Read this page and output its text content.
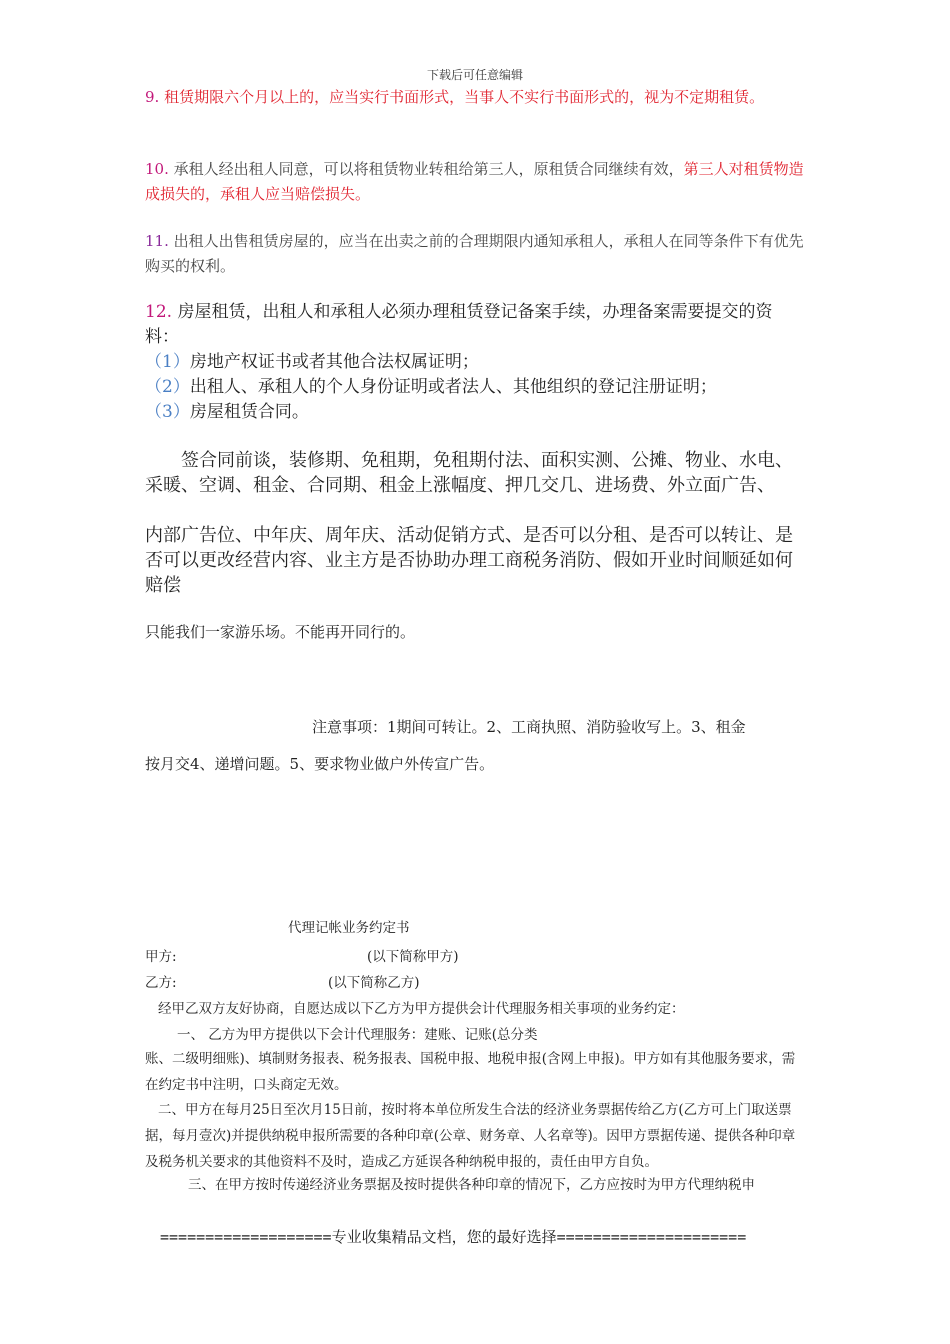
下载后可任意编辑
9. 租赁期限六个月以上的，应当实行书面形式，当事人不实行书面形式的，视为不定期租赁。
10. 承租人经出租人同意，可以将租赁物业转租给第三人，原租赁合同继续有效，第三人对租赁物造成损失的，承租人应当赔偿损失。
11. 出租人出售租赁房屋的，应当在出卖之前的合理期限内通知承租人，承租人在同等条件下有优先购买的权利。
12. 房屋租赁，出租人和承租人必须办理租赁登记备案手续，办理备案需要提交的资料：
（1）房地产权证书或者其他合法权属证明；
（2）出租人、承租人的个人身份证明或者法人、其他组织的登记注册证明；
（3）房屋租赁合同。
签合同前谈，装修期、免租期，免租期付法、面积实测、公摊、物业、水电、采暖、空调、租金、合同期、租金上涨幅度、押几交几、进场费、外立面广告、
内部广告位、中年庆、周年庆、活动促销方式、是否可以分租、是否可以转让、是否可以更改经营内容、业主方是否协助办理工商税务消防、假如开业时间顺延如何赔偿
只能我们一家游乐场。不能再开同行的。
注意事项：1期间可转让。2、工商执照、消防验收写上。3、租金
按月交4、递增问题。5、要求物业做户外传宣广告。
代理记帐业务约定书
甲方:	(以下简称甲方)
乙方:	(以下简称乙方)
经甲乙双方友好协商，自愿达成以下乙方为甲方提供会计代理服务相关事项的业务约定：
一、 乙方为甲方提供以下会计代理服务：建账、记账(总分类
账、二级明细账)、填制财务报表、税务报表、国税申报、地税申报(含网上申报)。甲方如有其他服务要求，需在约定书中注明，口头商定无效。
二、甲方在每月25日至次月15日前，按时将本单位所发生合法的经济业务票据传给乙方(乙方可上门取送票据，每月壹次)并提供纳税申报所需要的各种印章(公章、财务章、人名章等)。因甲方票据传递、提供各种印章及税务机关要求的其他资料不及时，造成乙方延误各种纳税申报的，责任由甲方自负。
三、在甲方按时传递经济业务票据及按时提供各种印章的情况下，乙方应按时为甲方代理纳税申
===================专业收集精品文档，您的最好选择=====================
